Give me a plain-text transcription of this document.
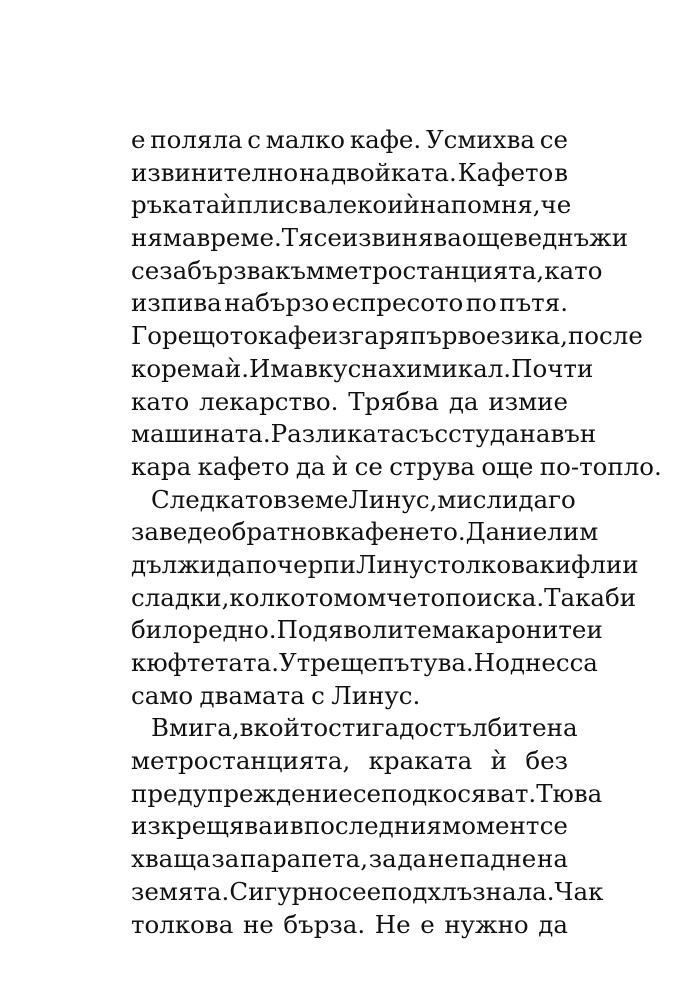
е поляла с малко кафе. Усмихва се
извинително на двойката. Кафето в
ръката ѝ плисва леко и ѝ напомня, че
няма време. Тя се извинява още веднъж и
се забързва към метростанцията, като
изпива набързо еспресото по пътя.
Горещото кафе изгаря първо езика, после
корема ѝ. Има вкус на химикал. Почти
като лекарство. Трябва да измие
машината. Разликата със студа навън
кара кафето да ѝ се струва още по-топло.
След като вземе Линус, мисли да го
заведе обратно в кафенето. Даниел им
дължи да почерпи Линус толкова кифли и
сладки, колкото момчето поиска. Така би
било редно. По дяволите макароните и
кюфтетата. Утре ще пътува. Но днес са
само двамата с Линус.
В мига, в който стига до стълбите на
метростанцията, краката ѝ без
предупреждение се подкосяват. Тюва
изкрещява и в последния момент се
хваща за парапета, за да не падне на
земята. Сигурно се е подхлъзнала. Чак
толкова не бърза. Не е нужно да
